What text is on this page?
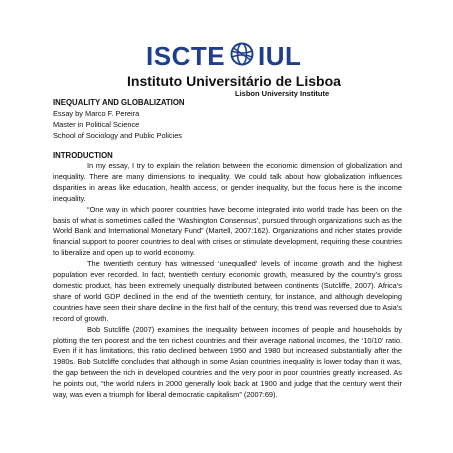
ISCTE IUL
Instituto Universitário de Lisboa
Lisbon University Institute

INEQUALITY AND GLOBALIZATION

Essay by Marco F. Pereira

Master in Political Science

School of Sociology and Public Policies

INTRODUCTION

In my essay, I try to explain the relation between the economic dimension of globalization and inequality. There are many dimensions to inequality. We could talk about how globalization influences disparities in areas like education, health access, or gender inequality, but the focus here is the income inequality.

“One way in which poorer countries have become integrated into world trade has been on the basis of what is sometimes called the ‘Washington Consensus’, pursued through organizations such as the World Bank and International Monetary Fund” (Martell, 2007:162). Organizations and richer states provide financial support to poorer countries to deal with crises or stimulate development, requiring these countries to liberalize and open up to world economy.

The twentieth century has witnessed ‘unequalled’ levels of income growth and the highest population ever recorded. In fact, twentieth century economic growth, measured by the country’s gross domestic product, has been extremely unequally distributed between continents (Sutcliffe, 2007). Africa’s share of world GDP declined in the end of the twentieth century, for instance, and although developing countries have seen their share decline in the first half of the century, this trend was reversed due to Asia’s record of growth.

Bob Sutcliffe (2007) examines the inequality between incomes of people and households by plotting the ten poorest and the ten richest countries and their average national incomes, the ‘10/10’ ratio. Even if it has limitations, this ratio declined between 1950 and 1980 but increased substantially after the 1980s. Bob Sutcliffe concludes that although in some Asian countries inequality is lower today than it was, the gap between the rich in developed countries and the very poor in poor countries greatly increased. As he points out, “the world rulers in 2000 generally look back at 1900 and judge that the century went their way, was even a triumph for liberal democratic capitalism” (2007:69).
